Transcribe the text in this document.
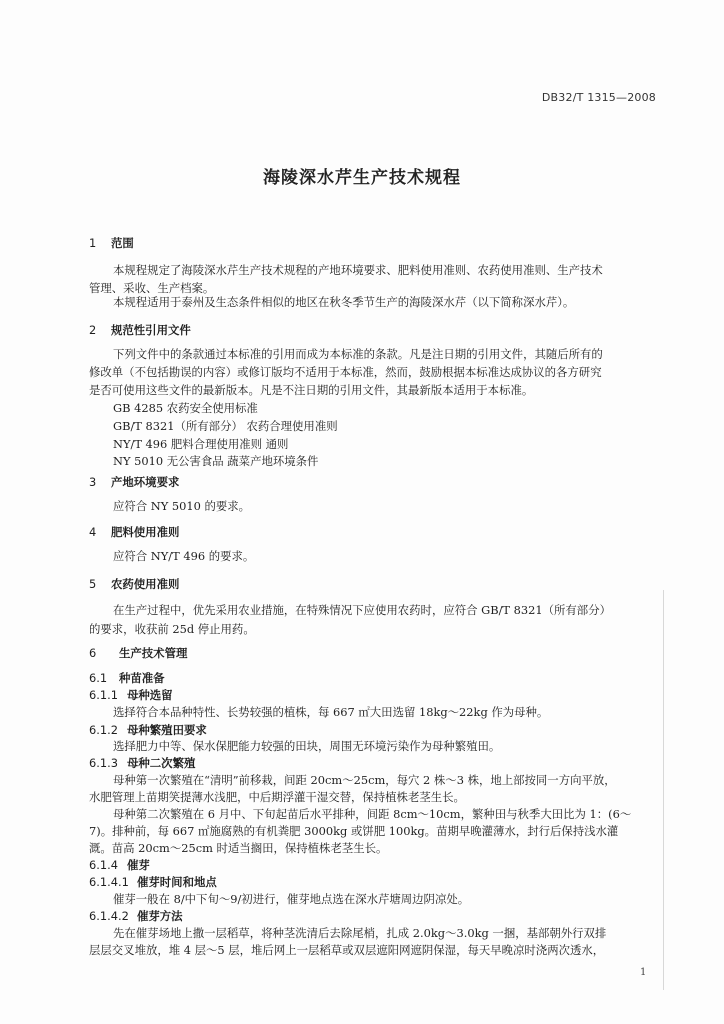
DB32/T 1315—2008
海陵深水芹生产技术规程
1 范围
本规程规定了海陵深水芹生产技术规程的产地环境要求、肥料使用准则、农药使用准则、生产技术
管理、采收、生产档案。
本规程适用于泰州及生态条件相似的地区在秋冬季节生产的海陵深水芹（以下简称深水芹）。
2 规范性引用文件
下列文件中的条款通过本标准的引用而成为本标准的条款。凡是注日期的引用文件，其随后所有的
修改单（不包括勘误的内容）或修订版均不适用于本标准，然而，鼓励根据本标准达成协议的各方研究
是否可使用这些文件的最新版本。凡是不注日期的引用文件，其最新版本适用于本标准。
GB 4285 农药安全使用标准
GB/T 8321（所有部分） 农药合理使用准则
NY/T 496 肥料合理使用准则 通则
NY 5010 无公害食品 蔬菜产地环境条件
3 产地环境要求
应符合 NY 5010 的要求。
4 肥料使用准则
应符合 NY/T 496 的要求。
5 农药使用准则
在生产过程中，优先采用农业措施，在特殊情况下应使用农药时，应符合 GB/T 8321（所有部分）
的要求，收获前 25d 停止用药。
6 生产技术管理
6.1 种苗准备
6.1.1 母种选留
选择符合本品种特性、长势较强的植株，每 667 ㎡大田选留 18kg～22kg 作为母种。
6.1.2 母种繁殖田要求
选择肥力中等、保水保肥能力较强的田块，周围无环境污染作为母种繁殖田。
6.1.3 母种二次繁殖
母种第一次繁殖在“清明”前移栽，间距 20cm～25cm，每穴 2 株～3 株，地上部按同一方向平放，
水肥管理上苗期笑提薄水浅肥，中后期浮灌干湿交替，保持植株老茎生长。
母种第二次繁殖在 6 月中、下旬起苗后水平排种，间距 8cm～10cm，繁种田与秋季大田比为 1：(6～
7)。排种前，每 667 ㎡施腐熟的有机粪肥 3000kg 或饼肥 100kg。苗期早晚灌薄水，封行后保持浅水灌
溉。苗高 20cm～25cm 时适当搁田，保持植株老茎生长。
6.1.4 催芽
6.1.4.1 催芽时间和地点
催芽一般在 8/中下旬～9/初进行，催芽地点选在深水芹塘周边阴凉处。
6.1.4.2 催芽方法
先在催芽场地上撒一层稻草，将种茎洗清后去除尾梢，扎成 2.0kg～3.0kg 一捆，基部朝外行双排
层层交叉堆放，堆 4 层～5 层，堆后网上一层稻草或双层遮阳网遮阴保湿，每天早晚凉时浇两次透水，
1
